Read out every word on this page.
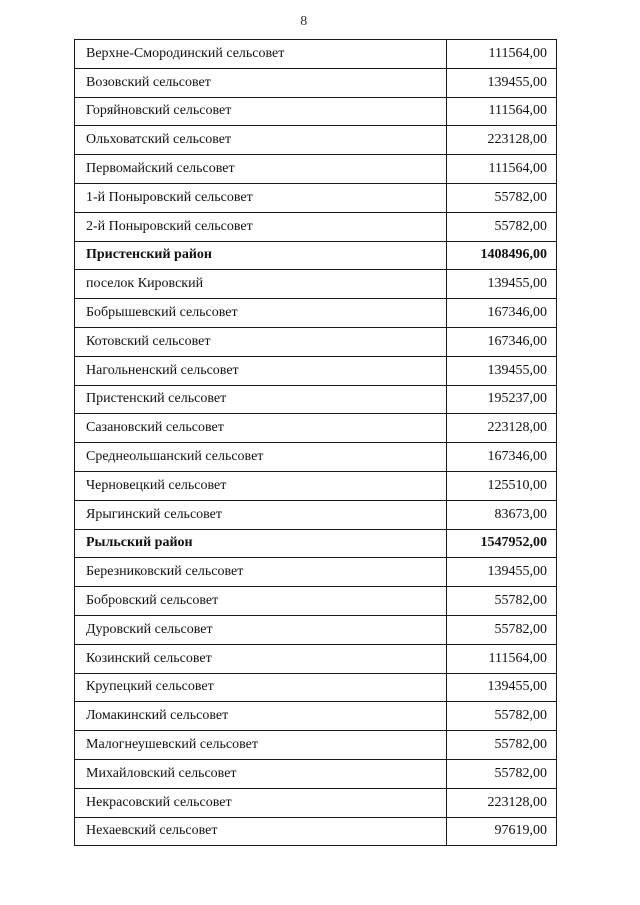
8
Верхне-Смородинский сельсовет	111564,00
Возовский сельсовет	139455,00
Горяйновский сельсовет	111564,00
Ольховатский сельсовет	223128,00
Первомайский сельсовет	111564,00
1-й Поныровский сельсовет	55782,00
2-й Поныровский сельсовет	55782,00
Пристенский район	1408496,00
поселок Кировский	139455,00
Бобрышевский сельсовет	167346,00
Котовский сельсовет	167346,00
Нагольненский сельсовет	139455,00
Пристенский сельсовет	195237,00
Сазановский сельсовет	223128,00
Среднеольшанский сельсовет	167346,00
Черновецкий сельсовет	125510,00
Ярыгинский сельсовет	83673,00
Рыльский район	1547952,00
Березниковский сельсовет	139455,00
Бобровский сельсовет	55782,00
Дуровский сельсовет	55782,00
Козинский сельсовет	111564,00
Крупецкий сельсовет	139455,00
Ломакинский сельсовет	55782,00
Малогнеушевский сельсовет	55782,00
Михайловский сельсовет	55782,00
Некрасовский сельсовет	223128,00
Нехаевский сельсовет	97619,00
